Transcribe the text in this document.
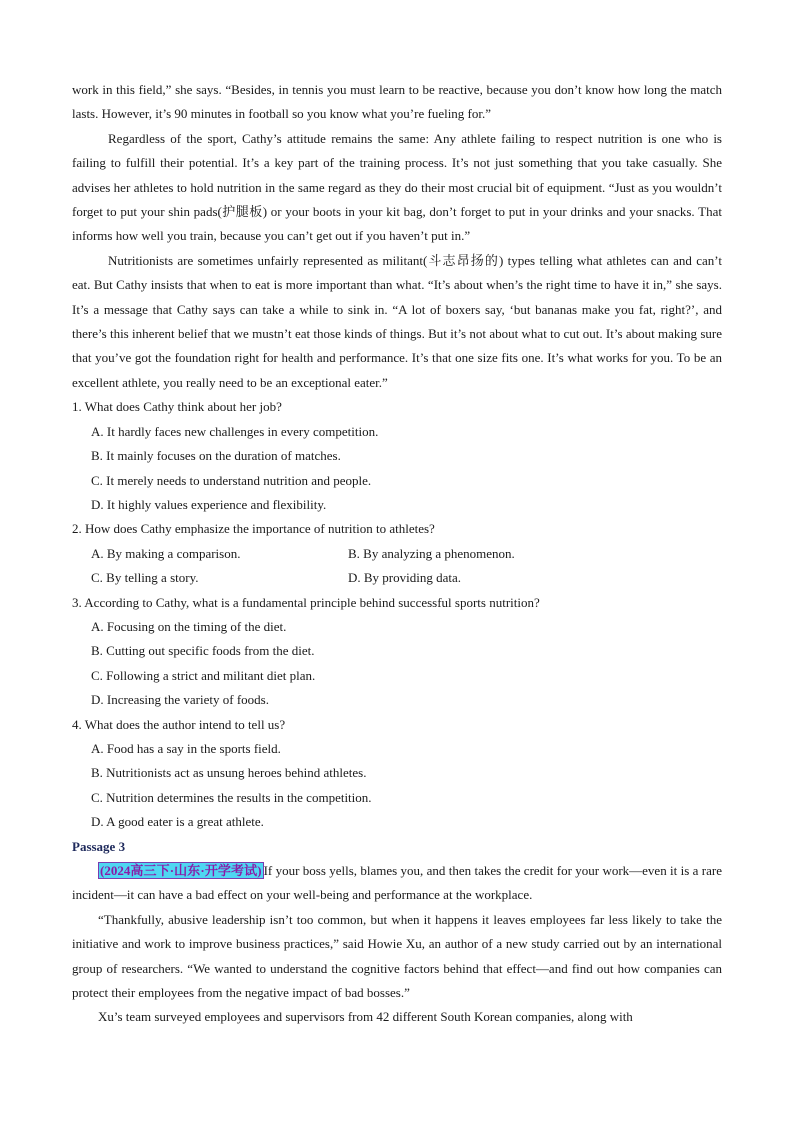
work in this field,” she says. “Besides, in tennis you must learn to be reactive, because you don’t know how long the match lasts. However, it’s 90 minutes in football so you know what you’re fueling for.”

Regardless of the sport, Cathy’s attitude remains the same: Any athlete failing to respect nutrition is one who is failing to fulfill their potential. It’s a key part of the training process. It’s not just something that you take casually. She advises her athletes to hold nutrition in the same regard as they do their most crucial bit of equipment. “Just as you wouldn’t forget to put your shin pads(护腿板) or your boots in your kit bag, don’t forget to put in your drinks and your snacks. That informs how well you train, because you can’t get out if you haven’t put in.”

Nutritionists are sometimes unfairly represented as militant(斗志昂扬的) types telling what athletes can and can’t eat. But Cathy insists that when to eat is more important than what. “It’s about when’s the right time to have it in,” she says. It’s a message that Cathy says can take a while to sink in. “A lot of boxers say, ‘but bananas make you fat, right?’, and there’s this inherent belief that we mustn’t eat those kinds of things. But it’s not about what to cut out. It’s about making sure that you’ve got the foundation right for health and performance. It’s that one size fits one. It’s what works for you. To be an excellent athlete, you really need to be an exceptional eater.”

1. What does Cathy think about her job?

A. It hardly faces new challenges in every competition.

B. It mainly focuses on the duration of matches.

C. It merely needs to understand nutrition and people.

D. It highly values experience and flexibility.

2. How does Cathy emphasize the importance of nutrition to athletes?

A. By making a comparison.	B. By analyzing a phenomenon.
C. By telling a story.	D. By providing data.

3. According to Cathy, what is a fundamental principle behind successful sports nutrition?

A. Focusing on the timing of the diet.

B. Cutting out specific foods from the diet.

C. Following a strict and militant diet plan.

D. Increasing the variety of foods.

4. What does the author intend to tell us?

A. Food has a say in the sports field.

B. Nutritionists act as unsung heroes behind athletes.

C. Nutrition determines the results in the competition.

D. A good eater is a great athlete.

Passage 3

(2024高三下·山东·开学考试) If your boss yells, blames you, and then takes the credit for your work—even it is a rare incident—it can have a bad effect on your well-being and performance at the workplace.

“Thankfully, abusive leadership isn’t too common, but when it happens it leaves employees far less likely to take the initiative and work to improve business practices,” said Howie Xu, an author of a new study carried out by an international group of researchers. “We wanted to understand the cognitive factors behind that effect—and find out how companies can protect their employees from the negative impact of bad bosses.”

Xu’s team surveyed employees and supervisors from 42 different South Korean companies, along with
